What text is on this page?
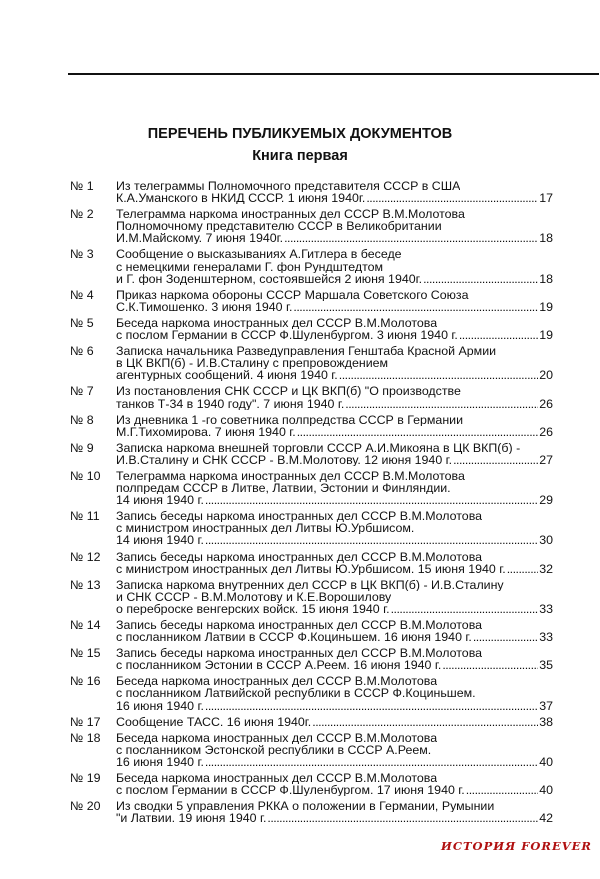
ПЕРЕЧЕНЬ ПУБЛИКУЕМЫХ ДОКУМЕНТОВ
Книга первая
№ 1	Из телеграммы Полномочного представителя СССР в США
К.А.Уманского в НКИД СССР. 1 июня 1940г. .....	17
№ 2	Телеграмма наркома иностранных дел СССР В.М.Молотова
Полномочному представителю СССР в Великобритании
И.М.Майскому. 7 июня 1940г. .....	18
№ 3	Сообщение о высказываниях А.Гитлера в беседе
с немецкими генералами Г. фон Рундштедтом
и Г. фон Зоденштерном, состоявшейся 2 июня 1940г. .....	18
№ 4	Приказ наркома обороны СССР Маршала Советского Союза
С.К.Тимошенко. 3 июня 1940 г. .....	19
№ 5	Беседа наркома иностранных дел СССР В.М.Молотова
с послом Германии в СССР Ф.Шуленбургом. 3 июня 1940 г. .....	19
№ 6	Записка начальника Разведуправления Генштаба Красной Армии
в ЦК ВКП(б) - И.В.Сталину с препровождением
агентурных сообщений. 4 июня 1940 г. .....	20
№ 7	Из постановления СНК СССР и ЦК ВКП(б) "О производстве
танков Т-34 в 1940 году". 7 июня 1940 г. .....	26
№ 8	Из дневника 1 -го советника полпредства СССР в Германии
М.Г.Тихомирова. 7 июня 1940 г. .....	26
№ 9	Записка наркома внешней торговли СССР А.И.Микояна в ЦК ВКП(б) -
И.В.Сталину и СНК СССР - В.М.Молотову. 12 июня 1940 г. .....	27
№ 10	Телеграмма наркома иностранных дел СССР В.М.Молотова
полпредам СССР в Литве, Латвии, Эстонии и Финляндии.
14 июня 1940 г. .....	29
№ 11	Запись беседы наркома иностранных дел СССР В.М.Молотова
с министром иностранных дел Литвы Ю.Урбшисом.
14 июня 1940 г. .....	30
№ 12	Запись беседы наркома иностранных дел СССР В.М.Молотова
с министром иностранных дел Литвы Ю.Урбшисом. 15 июня 1940 г. .....	32
№ 13	Записка наркома внутренних дел СССР в ЦК ВКП(б) - И.В.Сталину
и СНК СССР - В.М.Молотову и К.Е.Ворошилову
о переброске венгерских войск. 15 июня 1940 г. .....	33
№ 14	Запись беседы наркома иностранных дел СССР В.М.Молотова
с посланником Латвии в СССР Ф.Коциньшем. 16 июня 1940 г. .....	33
№ 15	Запись беседы наркома иностранных дел СССР В.М.Молотова
с посланником Эстонии в СССР А.Реем. 16 июня 1940 г. .....	35
№ 16	Беседа наркома иностранных дел СССР В.М.Молотова
с посланником Латвийской республики в СССР Ф.Коциньшем.
16 июня 1940 г. .....	37
№ 17	Сообщение ТАСС. 16 июня 1940г. .....	38
№ 18	Беседа наркома иностранных дел СССР В.М.Молотова
с посланником Эстонской республики в СССР А.Реем.
16 июня 1940 г. .....	40
№ 19	Беседа наркома иностранных дел СССР В.М.Молотова
с послом Германии в СССР Ф.Шуленбургом. 17 июня 1940 г. .....	40
№ 20	Из сводки 5 управления РККА о положении в Германии, Румынии
"и Латвии. 19 июня 1940 г. .....	42
ИСТОРИЯ FOREVER
